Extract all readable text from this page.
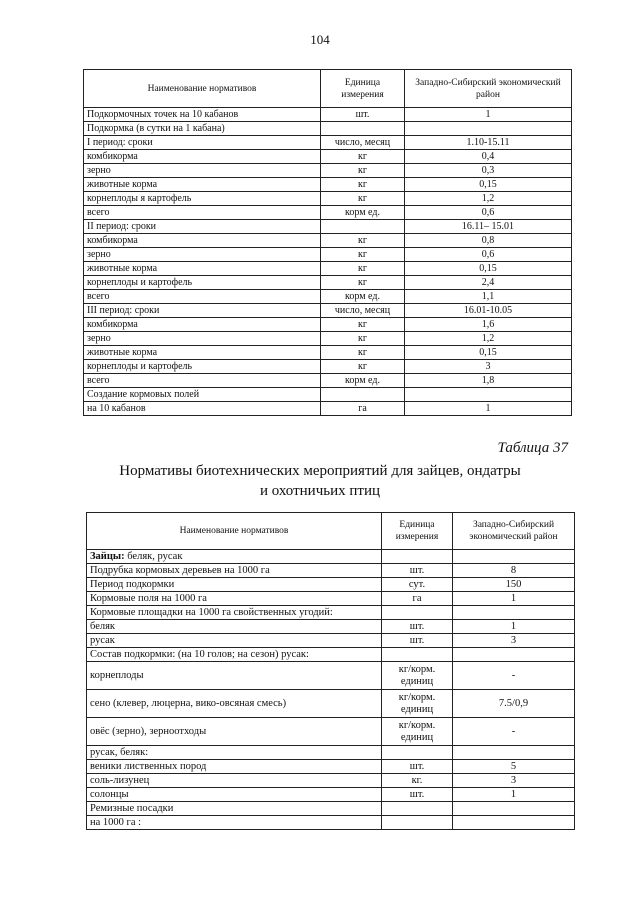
104
Наименование нормативов	Единица измерения	Западно-Сибирский экономический район
Подкормочных точек на 10 кабанов	шт.	1
Подкормка (в сутки на 1 кабана)		
I период: сроки	число, месяц	1.10-15.11
комбикорма	кг	0,4
зерно	кг	0,3
животные корма	кг	0,15
корнеплоды я картофель	кг	1,2
всего	корм ед.	0,6
II период: сроки		16.11– 15.01
комбикорма	кг	0,8
зерно	кг	0,6
животные корма	кг	0,15
корнеплоды и картофель	кг	2,4
всего	корм ед.	1,1
III период: сроки	число, месяц	16.01-10.05
комбикорма	кг	1,6
зерно	кг	1,2
животные корма	кг	0,15
корнеплоды и картофель	кг	3
всего	корм ед.	1,8
Создание кормовых полей		
на 10 кабанов	га	1
Таблица 37
Нормативы биотехнических мероприятий для зайцев, ондатры
и охотничьих птиц
Наименование нормативов	Единица измерения	Западно-Сибирский экономический район
Зайцы: беляк, русак		
Подрубка кормовых деревьев на 1000 га	шт.	8
Период подкормки	сут.	150
Кормовые поля на 1000 га	га	1
Кормовые площадки на 1000 га свойственных угодий:		
беляк	шт.	1
русак	шт.	3
Состав подкормки: (на 10 голов; на сезон) русак:		
корнеплоды	кг/корм. единиц	-
сено (клевер, люцерна, вико-овсяная смесь)	кг/корм. единиц	7.5/0,9
овёс (зерно), зерноотходы	кг/корм. единиц	-
русак, беляк:		
веники лиственных пород	шт.	5
соль-лизунец	кг.	3
солонцы	шт.	1
Ремизные посадки		
на 1000 га :		
